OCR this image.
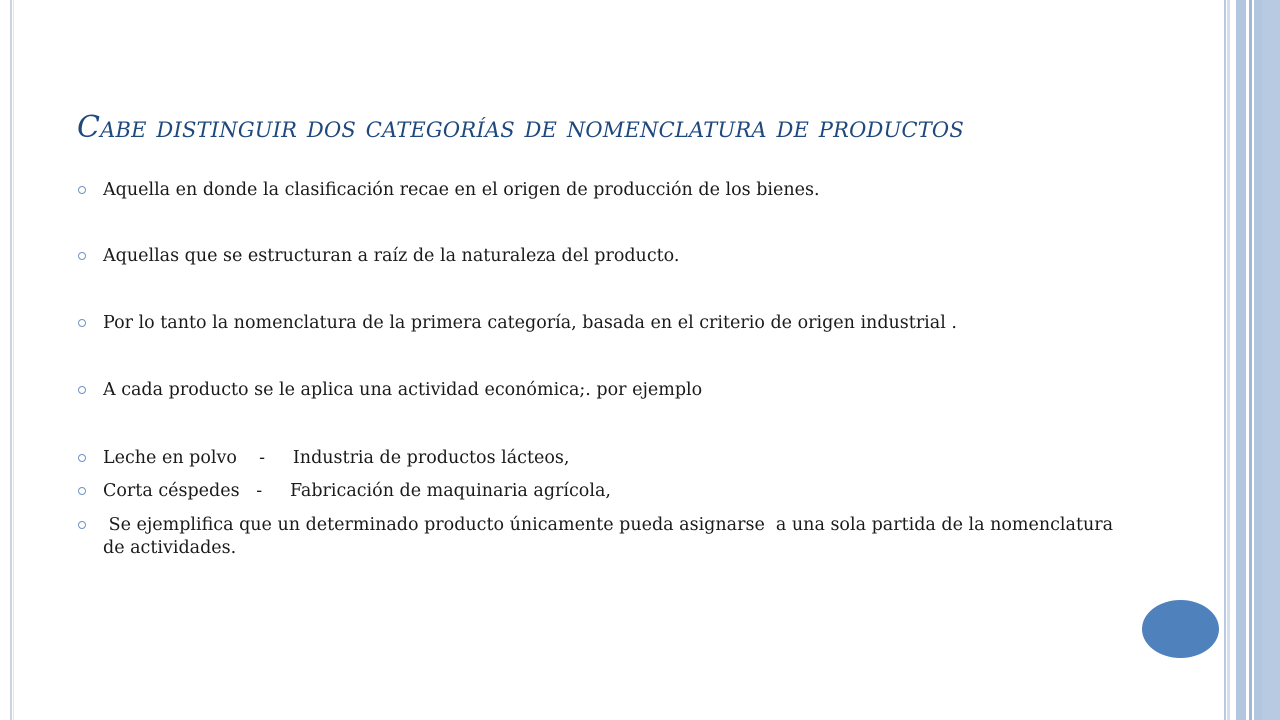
Cabe distinguir dos categorías de nomenclatura de productos
Aquella en donde la clasificación recae en el origen de producción de los bienes.
Aquellas que se estructuran a raíz de la naturaleza del producto.
Por lo tanto la nomenclatura de la primera categoría, basada en el criterio de origen industrial .
A cada producto se le aplica una actividad económica;. por ejemplo
Leche en polvo    -     Industria de productos lácteos,
Corta céspedes   -     Fabricación de maquinaria agrícola,
Se ejemplifica que un determinado producto únicamente pueda asignarse  a una sola partida de la nomenclatura de actividades.
